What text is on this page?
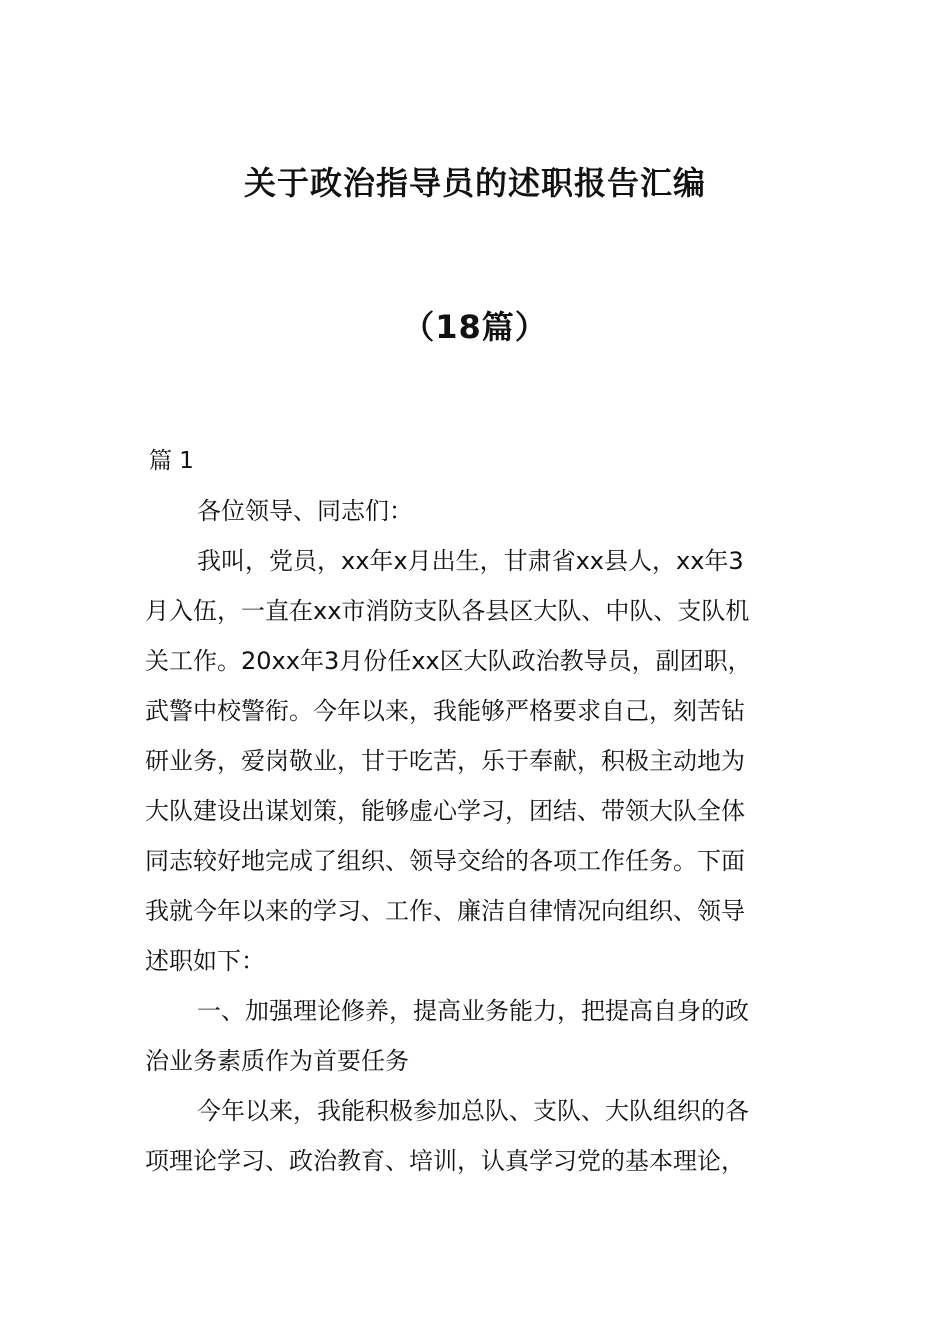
关于政治指导员的述职报告汇编
（18篇）

篇 1

各位领导、同志们：

我叫，党员，xx年x月出生，甘肃省xx县人，xx年3
月入伍，一直在xx市消防支队各县区大队、中队、支队机
关工作。20xx年3月份任xx区大队政治教导员，副团职，
武警中校警衔。今年以来，我能够严格要求自己，刻苦钻
研业务，爱岗敬业，甘于吃苦，乐于奉献，积极主动地为
大队建设出谋划策，能够虚心学习，团结、带领大队全体
同志较好地完成了组织、领导交给的各项工作任务。下面
我就今年以来的学习、工作、廉洁自律情况向组织、领导
述职如下：

一、加强理论修养，提高业务能力，把提高自身的政
治业务素质作为首要任务

今年以来，我能积极参加总队、支队、大队组织的各
项理论学习、政治教育、培训，认真学习党的基本理论，
